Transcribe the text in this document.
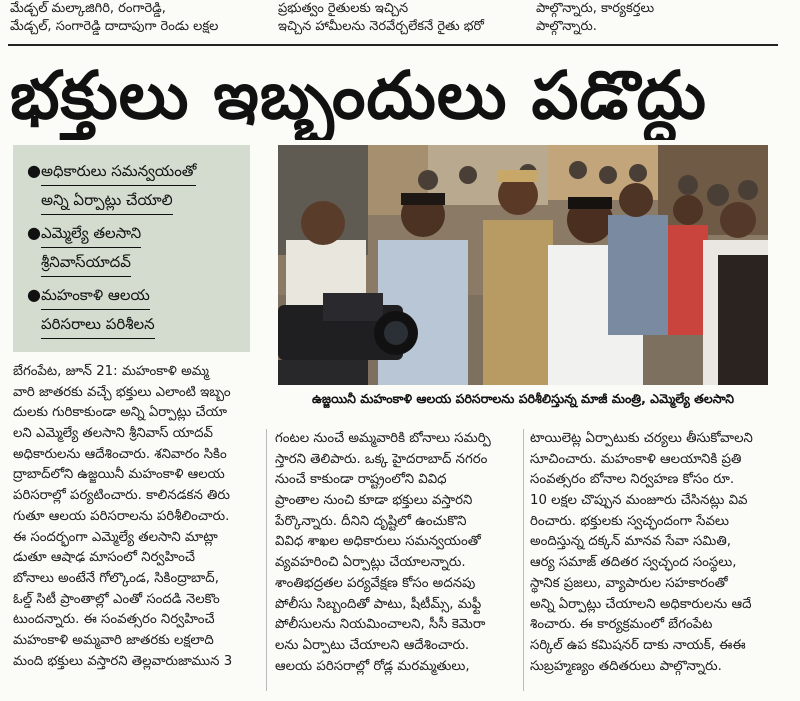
మేడ్చల్ మల్కాజిగిరి, రంగారెడ్డి,
మేడ్చల్, సంగారెడ్డి దాదాపుగా రెండు లక్షల
ప్రభుత్వం రైతులకు ఇచ్చిన
ఇచ్చిన హామీలను నెరవేర్చలేకనే రైతు భరో
పాల్గొన్నారు, కార్యకర్తలు
పాల్గొన్నారు.
భక్తులు ఇబ్బందులు పడొద్దు
● అధికారులు సమన్వయంతో
అన్ని ఏర్పాట్లు చేయాలి
● ఎమ్మెల్యే తలసాని
శ్రీనివాస్‌యాదవ్
● మహంకాళి ఆలయ
పరిసరాలు పరిశీలన
ఉజ్జయినీ మహంకాళి ఆలయ పరిసరాలను పరిశీలిస్తున్న మాజీ మంత్రి, ఎమ్మెల్యే తలసాని
బేగంపేట, జూన్ 21: మహంకాళి అమ్మ
వారి జాతరకు వచ్చే భక్తులు ఎలాంటి ఇబ్బం
దులకు గురికాకుండా అన్ని ఏర్పాట్లు చేయా
లని ఎమ్మెల్యే తలసాని శ్రీనివాస్ యాదవ్
అధికారులను ఆదేశించారు. శనివారం సికిం
ద్రాబాద్‌లోని ఉజ్జయినీ మహంకాళి ఆలయ
పరిసరాల్లో పర్యటించారు. కాలినడకన తిరు
గుతూ ఆలయ పరిసరాలను పరిశీలించారు.
ఈ సందర్భంగా ఎమ్మెల్యే తలసాని మాట్లా
డుతూ ఆషాఢ మాసంలో నిర్వహించే
బోనాలు అంటేనే గోల్కొండ, సికింద్రాబాద్,
ఓల్డ్ సిటీ ప్రాంతాల్లో ఎంతో సందడి నెలకొం
టుందన్నారు. ఈ సంవత్సరం నిర్వహించే
మహంకాళి అమ్మవారి జాతరకు లక్షలాది
మంది భక్తులు వస్తారని తెల్లవారుజామున 3
గంటల నుంచే అమ్మవారికి బోనాలు సమర్పి
స్తారని తెలిపారు. ఒక్క హైదరాబాద్ నగరం
నుంచే కాకుండా రాష్ట్రంలోని వివిధ
ప్రాంతాల నుంచి కూడా భక్తులు వస్తారని
పేర్కొన్నారు. దీనిని దృష్టిలో ఉంచుకొని
వివిధ శాఖల అధికారులు సమన్వయంతో
వ్యవహరించి ఏర్పాట్లు చేయాలన్నారు.
శాంతిభద్రతల పర్యవేక్షణ కోసం అదనపు
పోలీసు సిబ్బందితో పాటు, షీటీమ్స్, మఫ్టీ
పోలీసులను నియమించాలని, సీసీ కెమెరా
లను ఏర్పాటు చేయాలని ఆదేశించారు.
ఆలయ పరిసరాల్లో రోడ్ల మరమ్మతులు,
టాయిలెట్ల ఏర్పాటుకు చర్యలు తీసుకోవాలని
సూచించారు. మహంకాళి ఆలయానికి ప్రతి
సంవత్సరం బోనాల నిర్వహణ కోసం రూ.
10 లక్షల చొప్పున మంజూరు చేసినట్లు వివ
రించారు. భక్తులకు స్వచ్ఛందంగా సేవలు
అందిస్తున్న దక్కన్ మానవ సేవా సమితి,
ఆర్య సమాజ్ తదితర స్వచ్ఛంద సంస్థలు,
స్థానిక ప్రజలు, వ్యాపారుల సహకారంతో
అన్ని ఏర్పాట్లు చేయాలని అధికారులను ఆదే
శించారు. ఈ కార్యక్రమంలో బేగంపేట
సర్కిల్ ఉప కమిషనర్ దాకు నాయక్, ఈఈ
సుబ్రహ్మణ్యం తదితరులు పాల్గొన్నారు.
